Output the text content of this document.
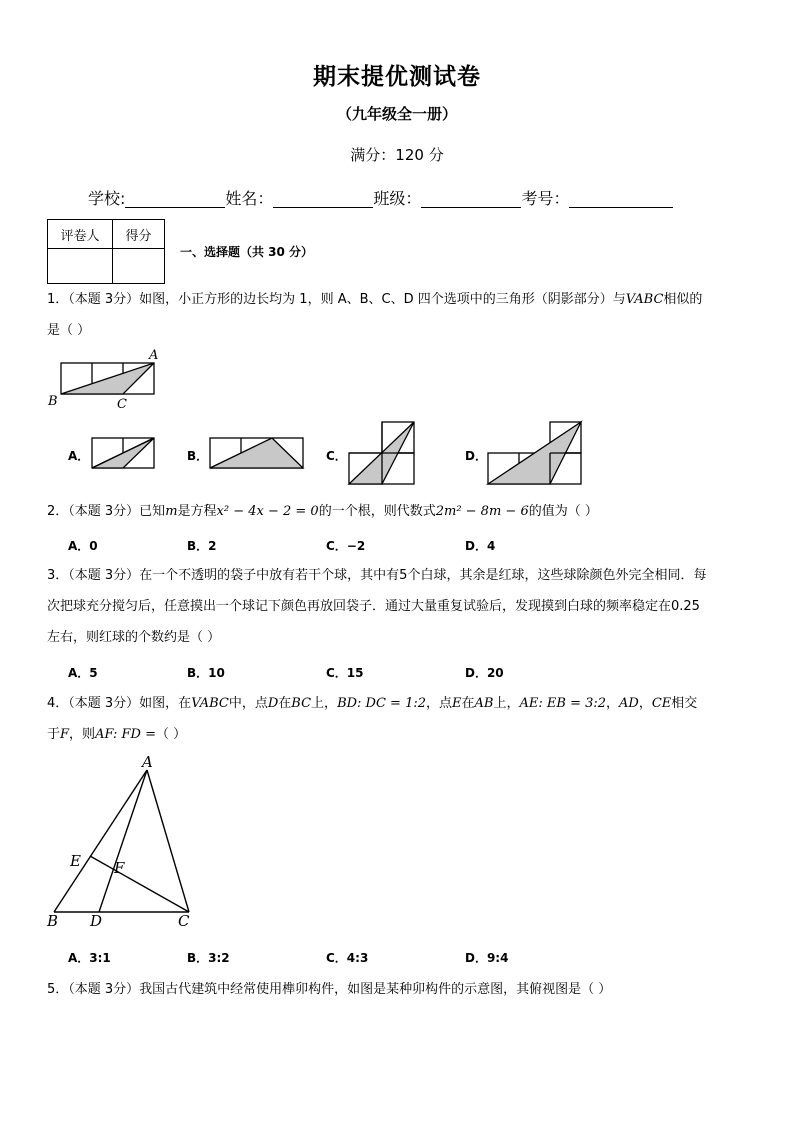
期末提优测试卷
（九年级全一册）
满分：120 分
学校:	姓名：	班级：	考号：
评卷人	得分

一、选择题（共 30 分）
1．（本题 3分）如图，小正方形的边长均为 1，则 A、B、C、D 四个选项中的三角形（阴影部分）与VABC相似的
是（ ）
A
B	C
A．	B．	C．	D．
2．（本题 3分）已知m是方程x² − 4x − 2 = 0的一个根，则代数式2m² − 8m − 6的值为（ ）
A．0	B．2	C．−2	D．4
3．（本题 3分）在一个不透明的袋子中放有若干个球，其中有5个白球，其余是红球，这些球除颜色外完全相同．每
次把球充分搅匀后，任意摸出一个球记下颜色再放回袋子．通过大量重复试验后，发现摸到白球的频率稳定在0.25
左右，则红球的个数约是（ ）
A．5	B．10	C．15	D．20
4．（本题 3分）如图，在VABC中，点D在BC上，BD: DC = 1:2，点E在AB上，AE: EB = 3:2，AD，CE相交
于F，则AF: FD =（ ）
A
B	C
D
E F
A．3:1	B．3:2	C．4:3	D．9:4
5．（本题 3分）我国古代建筑中经常使用榫卯构件，如图是某种卯构件的示意图，其俯视图是（ ）
